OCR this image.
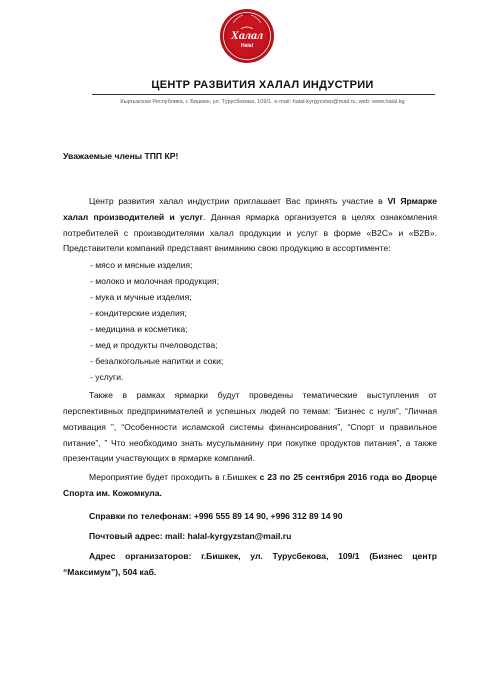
Халал
Halal
ЦЕНТР РАЗВИТИЯ ХАЛАЛ ИНДУСТРИИ
Кыргызская Республика, г. Бишкек, ул. Турусбекова, 109/1. e-mail: halal-kyrgyzstan@mail.ru, web: www.halal.kg
Уважаемые члены ТПП КР!

Центр развития халал индустрии приглашает Вас принять участие в VI Ярмарке халал производителей и услуг. Данная ярмарка организуется в целях ознакомления потребителей с производителями халал продукции и услуг в форме «B2C» и «B2B». Представители компаний представят вниманию свою продукцию в ассортименте:

- мясо и мясные изделия;
- молоко и молочная продукция;
- мука и мучные изделия;
- кондитерские изделия;
- медицина и косметика;
- мед и продукты пчеловодства;
- безалкогольные напитки и соки;
- услуги.

Также в рамках ярмарки будут проведены тематические выступления от перспективных предпринимателей и успешных людей по темам: “Бизнес с нуля”, “Личная мотивация ”, “Особенности исламской системы финансирования”, “Спорт и правильное питание”, ” Что необходимо знать мусульманину при покупке продуктов питания”, а также презентации участвующих в ярмарке компаний.

Мероприятие будет проходить в г.Бишкек с 23 по 25 сентября 2016 года во Дворце Спорта им. Кожомкула.

Справки по телефонам: +996 555 89 14 90, +996 312 89 14 90

Почтовый адрес: mail: halal-kyrgyzstan@mail.ru

Адрес организаторов: г.Бишкек, ул. Турусбекова, 109/1 (Бизнес центр “Максимум”), 504 каб.
